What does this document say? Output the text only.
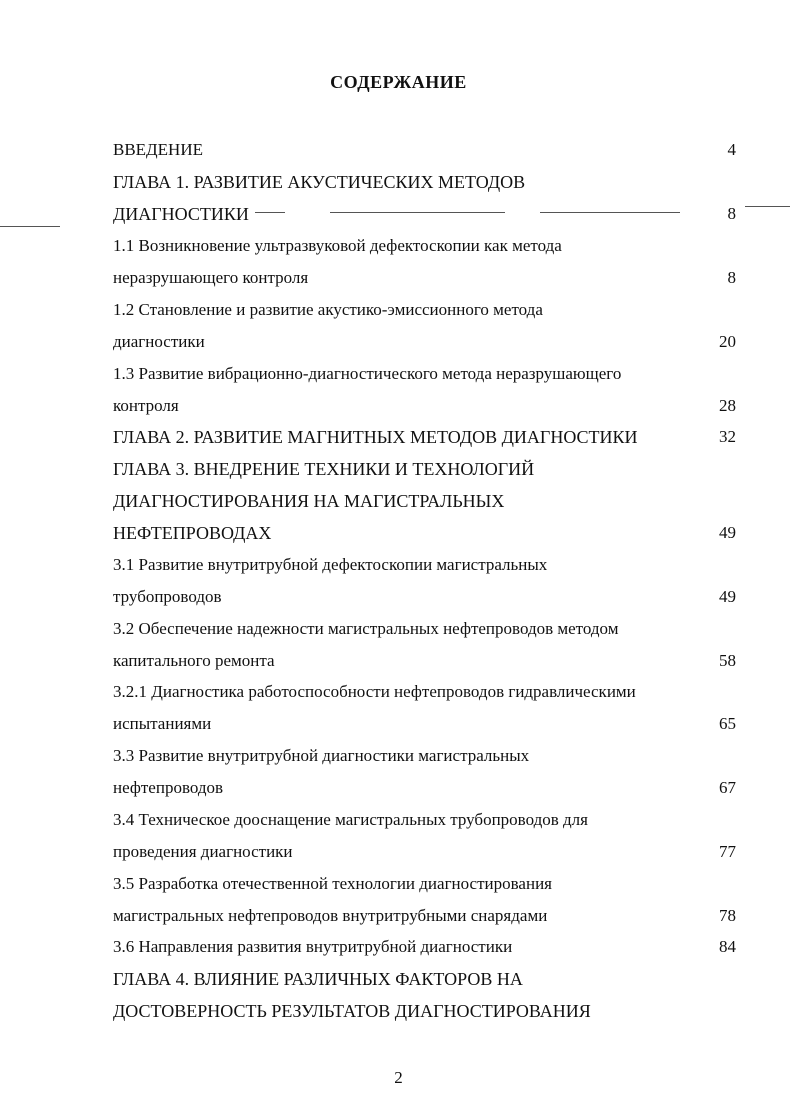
СОДЕРЖАНИЕ
ВВЕДЕНИЕ	4
ГЛАВА 1. РАЗВИТИЕ АКУСТИЧЕСКИХ МЕТОДОВ
ДИАГНОСТИКИ	8
1.1 Возникновение ультразвуковой дефектоскопии как метода
неразрушающего контроля	8
1.2 Становление и развитие акустико-эмиссионного метода
диагностики	20
1.3 Развитие вибрационно-диагностического метода неразрушающего
контроля	28
ГЛАВА 2. РАЗВИТИЕ МАГНИТНЫХ МЕТОДОВ ДИАГНОСТИКИ	32
ГЛАВА 3. ВНЕДРЕНИЕ ТЕХНИКИ И ТЕХНОЛОГИЙ
ДИАГНОСТИРОВАНИЯ НА МАГИСТРАЛЬНЫХ
НЕФТЕПРОВОДАХ	49
3.1 Развитие внутритрубной дефектоскопии магистральных
трубопроводов	49
3.2 Обеспечение надежности магистральных нефтепроводов методом
капитального ремонта	58
3.2.1 Диагностика работоспособности нефтепроводов гидравлическими
испытаниями	65
3.3 Развитие внутритрубной диагностики магистральных
нефтепроводов	67
3.4 Техническое дооснащение магистральных трубопроводов для
проведения диагностики	77
3.5 Разработка отечественной технологии диагностирования
магистральных нефтепроводов внутритрубными снарядами	78
3.6 Направления развития внутритрубной диагностики	84
ГЛАВА 4. ВЛИЯНИЕ РАЗЛИЧНЫХ ФАКТОРОВ НА
ДОСТОВЕРНОСТЬ РЕЗУЛЬТАТОВ ДИАГНОСТИРОВАНИЯ
2
